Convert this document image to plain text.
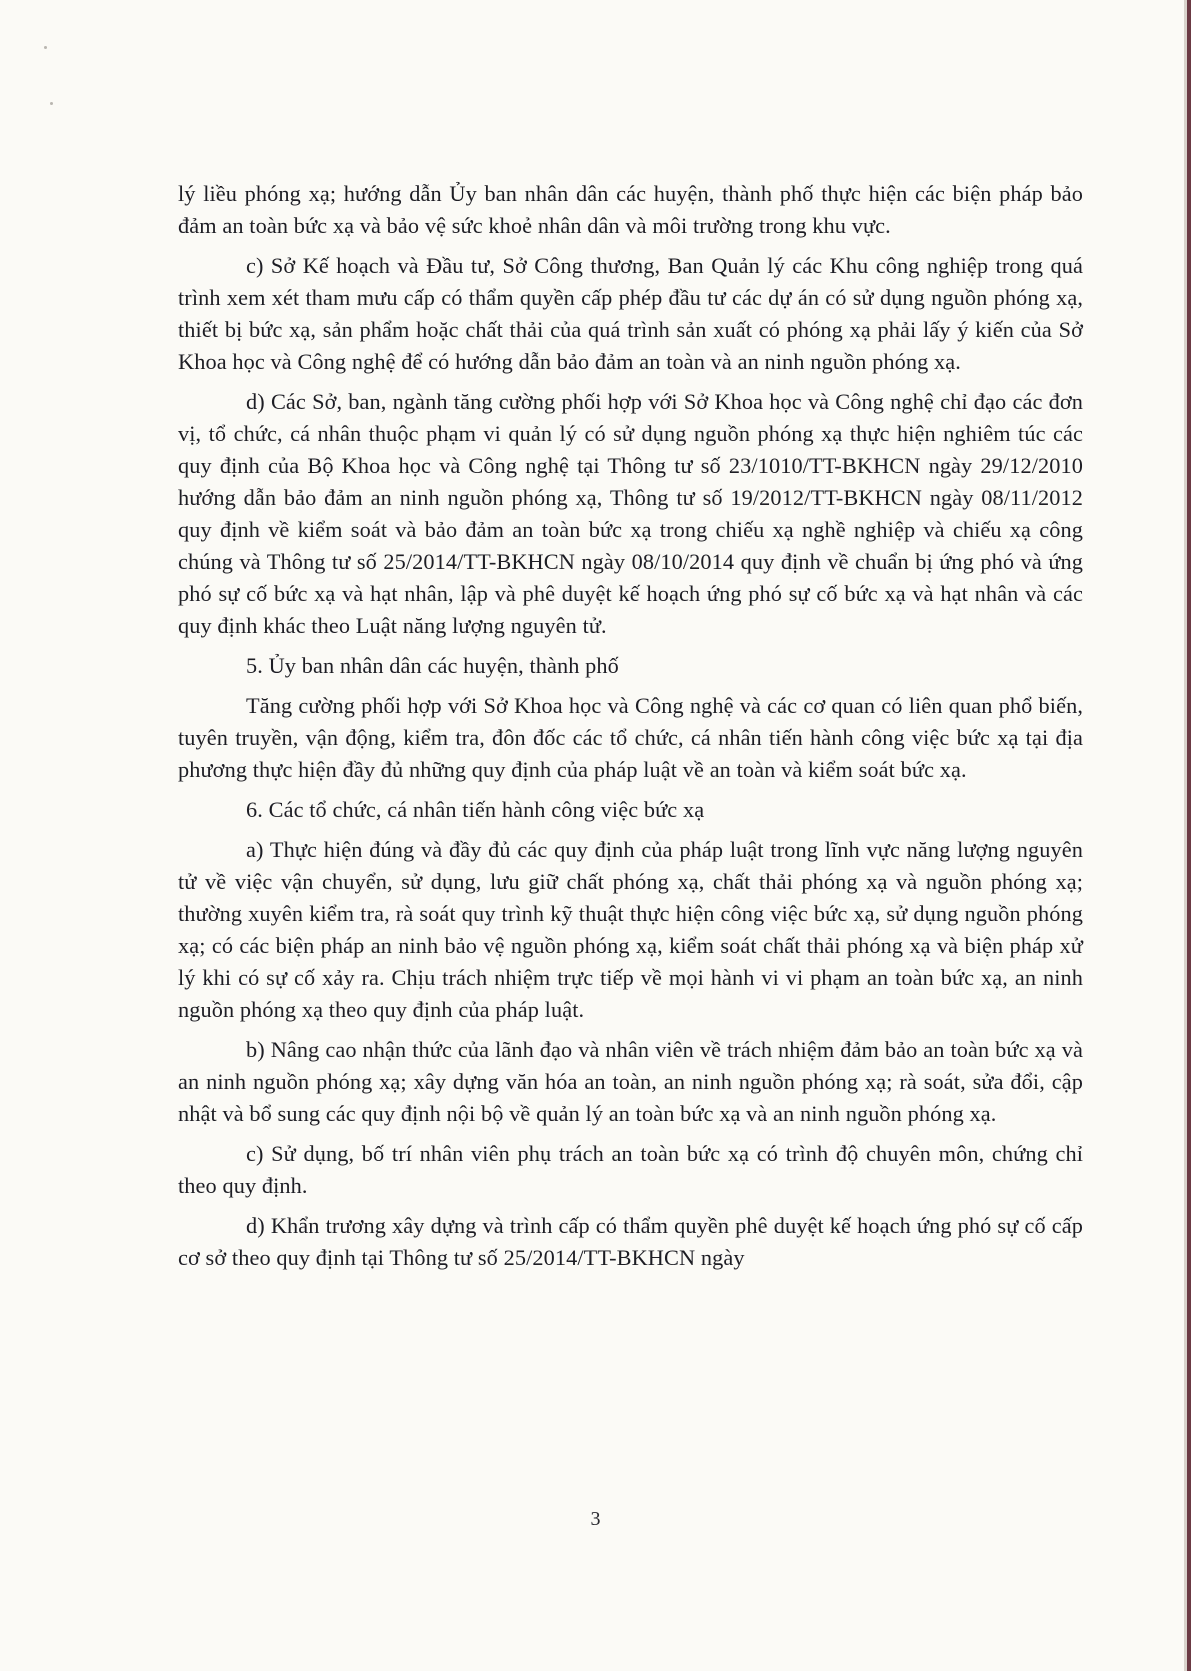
lý liều phóng xạ; hướng dẫn Ủy ban nhân dân các huyện, thành phố thực hiện các biện pháp bảo đảm an toàn bức xạ và bảo vệ sức khoẻ nhân dân và môi trường trong khu vực.

c) Sở Kế hoạch và Đầu tư, Sở Công thương, Ban Quản lý các Khu công nghiệp trong quá trình xem xét tham mưu cấp có thẩm quyền cấp phép đầu tư các dự án có sử dụng nguồn phóng xạ, thiết bị bức xạ, sản phẩm hoặc chất thải của quá trình sản xuất có phóng xạ phải lấy ý kiến của Sở Khoa học và Công nghệ để có hướng dẫn bảo đảm an toàn và an ninh nguồn phóng xạ.

d) Các Sở, ban, ngành tăng cường phối hợp với Sở Khoa học và Công nghệ chỉ đạo các đơn vị, tổ chức, cá nhân thuộc phạm vi quản lý có sử dụng nguồn phóng xạ thực hiện nghiêm túc các quy định của Bộ Khoa học và Công nghệ tại Thông tư số 23/1010/TT-BKHCN ngày 29/12/2010 hướng dẫn bảo đảm an ninh nguồn phóng xạ, Thông tư số 19/2012/TT-BKHCN ngày 08/11/2012 quy định về kiểm soát và bảo đảm an toàn bức xạ trong chiếu xạ nghề nghiệp và chiếu xạ công chúng và Thông tư số 25/2014/TT-BKHCN ngày 08/10/2014 quy định về chuẩn bị ứng phó và ứng phó sự cố bức xạ và hạt nhân, lập và phê duyệt kế hoạch ứng phó sự cố bức xạ và hạt nhân và các quy định khác theo Luật năng lượng nguyên tử.

5. Ủy ban nhân dân các huyện, thành phố

Tăng cường phối hợp với Sở Khoa học và Công nghệ và các cơ quan có liên quan phổ biến, tuyên truyền, vận động, kiểm tra, đôn đốc các tổ chức, cá nhân tiến hành công việc bức xạ tại địa phương thực hiện đầy đủ những quy định của pháp luật về an toàn và kiểm soát bức xạ.

6. Các tổ chức, cá nhân tiến hành công việc bức xạ

a) Thực hiện đúng và đầy đủ các quy định của pháp luật trong lĩnh vực năng lượng nguyên tử về việc vận chuyển, sử dụng, lưu giữ chất phóng xạ, chất thải phóng xạ và nguồn phóng xạ; thường xuyên kiểm tra, rà soát quy trình kỹ thuật thực hiện công việc bức xạ, sử dụng nguồn phóng xạ; có các biện pháp an ninh bảo vệ nguồn phóng xạ, kiểm soát chất thải phóng xạ và biện pháp xử lý khi có sự cố xảy ra. Chịu trách nhiệm trực tiếp về mọi hành vi vi phạm an toàn bức xạ, an ninh nguồn phóng xạ theo quy định của pháp luật.

b) Nâng cao nhận thức của lãnh đạo và nhân viên về trách nhiệm đảm bảo an toàn bức xạ và an ninh nguồn phóng xạ; xây dựng văn hóa an toàn, an ninh nguồn phóng xạ; rà soát, sửa đổi, cập nhật và bổ sung các quy định nội bộ về quản lý an toàn bức xạ và an ninh nguồn phóng xạ.

c) Sử dụng, bố trí nhân viên phụ trách an toàn bức xạ có trình độ chuyên môn, chứng chỉ theo quy định.

d) Khẩn trương xây dựng và trình cấp có thẩm quyền phê duyệt kế hoạch ứng phó sự cố cấp cơ sở theo quy định tại Thông tư số 25/2014/TT-BKHCN ngày

3
